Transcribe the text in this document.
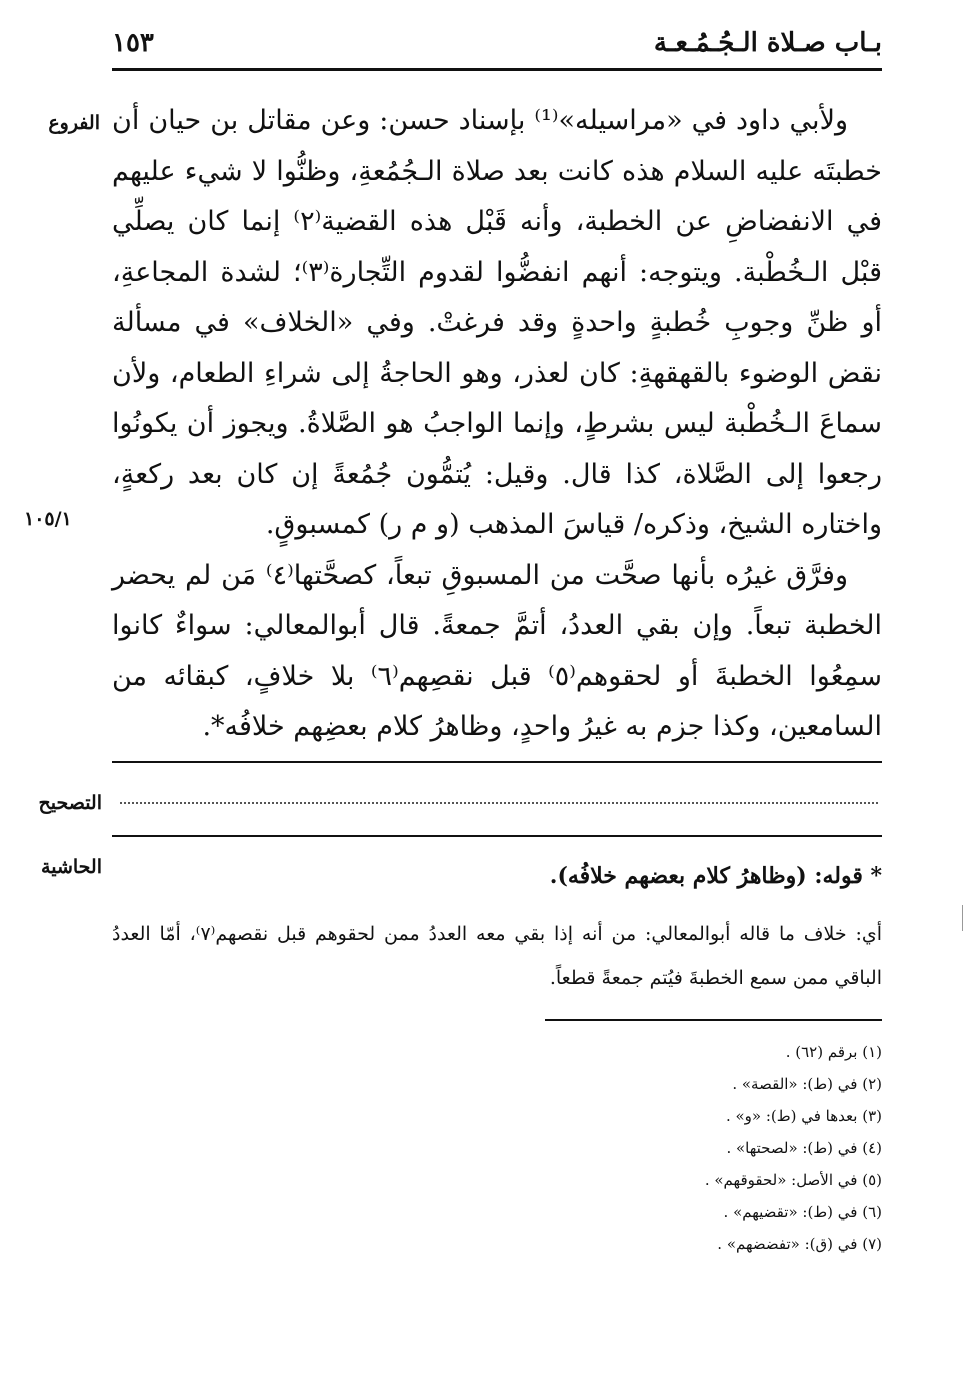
بـاب صـلاة الـجُـمُـعـة
١٥٣
الفروع
١٠٥/١
التصحيح
الحاشية

ولأبي داود في «مراسيله»⁽¹⁾ بإسناد حسن: وعن مقاتل بن حيان أن خطبتَه عليه السلام هذه كانت بعد صلاة الـجُمُعةِ، وظنُّوا لا شيء عليهم في الانفضاضِ عن الخطبة، وأنه قَبْل هذه القضية⁽٢⁾ إنما كان يصلِّي قبْل الـخُطْبة. ويتوجه: أنهم انفضُّوا لقدوم التِّجارة⁽٣⁾؛ لشدة المجاعةِ، أو ظنِّ وجوبِ خُطبةٍ واحدةٍ وقد فرغتْ. وفي «الخلاف» في مسألة نقض الوضوء بالقهقهةِ: كان لعذر، وهو الحاجةُ إلى شراءِ الطعام، ولأن سماعَ الـخُطْبة ليس بشرطٍ، وإنما الواجبُ هو الصَّلاةُ. ويجوز أن يكونُوا رجعوا إلى الصَّلاة، كذا قال. وقيل: يُتمُّون جُمُعةً إن كان بعد ركعةٍ، واختاره الشيخ، وذكره/ قياسَ المذهب (و م ر) كمسبوقٍ.

وفرَّق غيرُه بأنها صحَّت من المسبوقِ تبعاً، كصحَّتها⁽٤⁾ مَن لم يحضر الخطبة تبعاً. وإن بقي العددُ، أتمَّ جمعةً. قال أبوالمعالي: سواءٌ كانوا سمِعُوا الخطبةَ أو لحقوهم⁽٥⁾ قبل نقصِهم⁽٦⁾ بلا خلافٍ، كبقائه من السامعين، وكذا جزم به غيرُ واحدٍ، وظاهرُ كلام بعضِهم خلافُه*.

* قوله: (وظاهرُ كلام بعضهم خلافُه).
أي: خلاف ما قاله أبوالمعالي: من أنه إذا بقي معه العددُ ممن لحقوهم قبل نقصهم⁽٧⁾، أمّا العددُ الباقي ممن سمع الخطبةَ فيُتم جمعةً قطعاً.
(١) برقم (٦٢) .
(٢) في (ط): «القصة» .
(٣) بعدها في (ط): «و» .
(٤) في (ط): «لصحتها» .
(٥) في الأصل: «لحقوقهم» .
(٦) في (ط): «تقضيهم» .
(٧) في (ق): «تفضضهم» .
